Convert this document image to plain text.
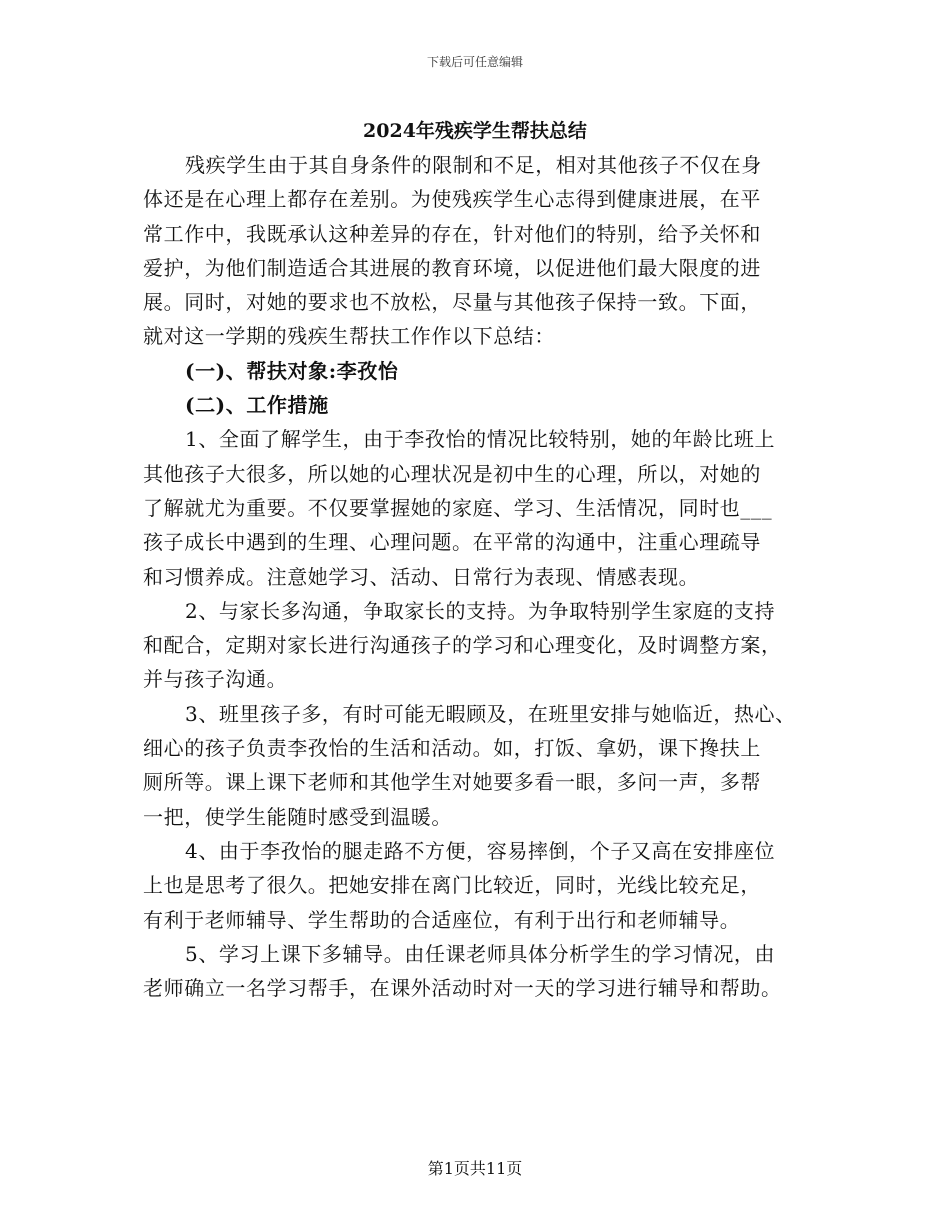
下载后可任意编辑
2024年残疾学生帮扶总结
残疾学生由于其自身条件的限制和不足，相对其他孩子不仅在身
体还是在心理上都存在差别。为使残疾学生心志得到健康进展，在平
常工作中，我既承认这种差异的存在，针对他们的特别，给予关怀和
爱护，为他们制造适合其进展的教育环境，以促进他们最大限度的进
展。同时，对她的要求也不放松，尽量与其他孩子保持一致。下面，
就对这一学期的残疾生帮扶工作作以下总结：
(一)、帮扶对象:李孜怡
(二)、工作措施
1、全面了解学生，由于李孜怡的情况比较特别，她的年龄比班上
其他孩子大很多，所以她的心理状况是初中生的心理，所以，对她的
了解就尤为重要。不仅要掌握她的家庭、学习、生活情况，同时也___
孩子成长中遇到的生理、心理问题。在平常的沟通中，注重心理疏导
和习惯养成。注意她学习、活动、日常行为表现、情感表现。
2、与家长多沟通，争取家长的支持。为争取特别学生家庭的支持
和配合，定期对家长进行沟通孩子的学习和心理变化，及时调整方案，
并与孩子沟通。
3、班里孩子多，有时可能无暇顾及，在班里安排与她临近，热心、
细心的孩子负责李孜怡的生活和活动。如，打饭、拿奶，课下搀扶上
厕所等。课上课下老师和其他学生对她要多看一眼，多问一声，多帮
一把，使学生能随时感受到温暖。
4、由于李孜怡的腿走路不方便，容易摔倒，个子又高在安排座位
上也是思考了很久。把她安排在离门比较近，同时，光线比较充足，
有利于老师辅导、学生帮助的合适座位，有利于出行和老师辅导。
5、学习上课下多辅导。由任课老师具体分析学生的学习情况，由
老师确立一名学习帮手，在课外活动时对一天的学习进行辅导和帮助。
第1页共11页
